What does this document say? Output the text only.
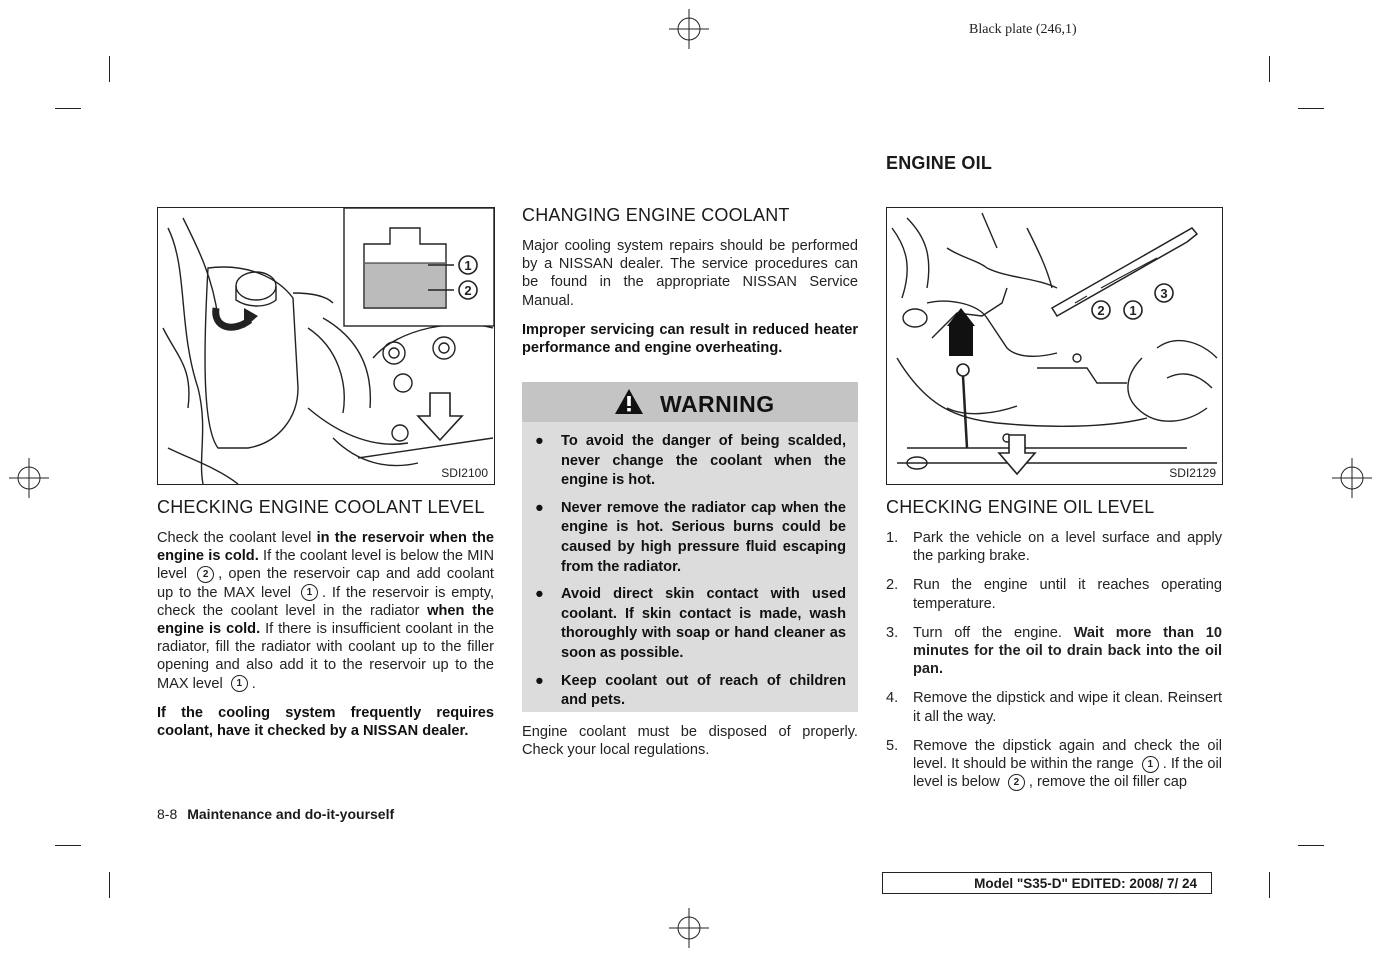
Black plate (246,1)
1
2
SDI2100
CHECKING ENGINE COOLANT LEVEL

Check the coolant level in the reservoir when the engine is cold. If the coolant level is below the MIN level 2 , open the reservoir cap and add coolant up to the MAX level 1 . If the reservoir is empty, check the coolant level in the radiator when the engine is cold. If there is insufficient coolant in the radiator, fill the radiator with coolant up to the filler opening and also add it to the reservoir up to the MAX level 1 .

If the cooling system frequently requires coolant, have it checked by a NISSAN dealer.

CHANGING ENGINE COOLANT

Major cooling system repairs should be performed by a NISSAN dealer. The service procedures can be found in the appropriate NISSAN Service Manual.

Improper servicing can result in reduced heater performance and engine overheating.

WARNING
● To avoid the danger of being scalded, never change the coolant when the engine is hot.
● Never remove the radiator cap when the engine is hot. Serious burns could be caused by high pressure fluid escaping from the radiator.
● Avoid direct skin contact with used coolant. If skin contact is made, wash thoroughly with soap or hand cleaner as soon as possible.
● Keep coolant out of reach of children and pets.

Engine coolant must be disposed of properly. Check your local regulations.

ENGINE OIL
2 1
3
SDI2129
CHECKING ENGINE OIL LEVEL
1. Park the vehicle on a level surface and apply the parking brake.
2. Run the engine until it reaches operating temperature.
3. Turn off the engine. Wait more than 10 minutes for the oil to drain back into the oil pan.
4. Remove the dipstick and wipe it clean. Reinsert it all the way.
5. Remove the dipstick again and check the oil level. It should be within the range 1 . If the oil level is below 2 , remove the oil filler cap
8-8 Maintenance and do-it-yourself
Model "S35-D" EDITED: 2008/ 7/ 24
